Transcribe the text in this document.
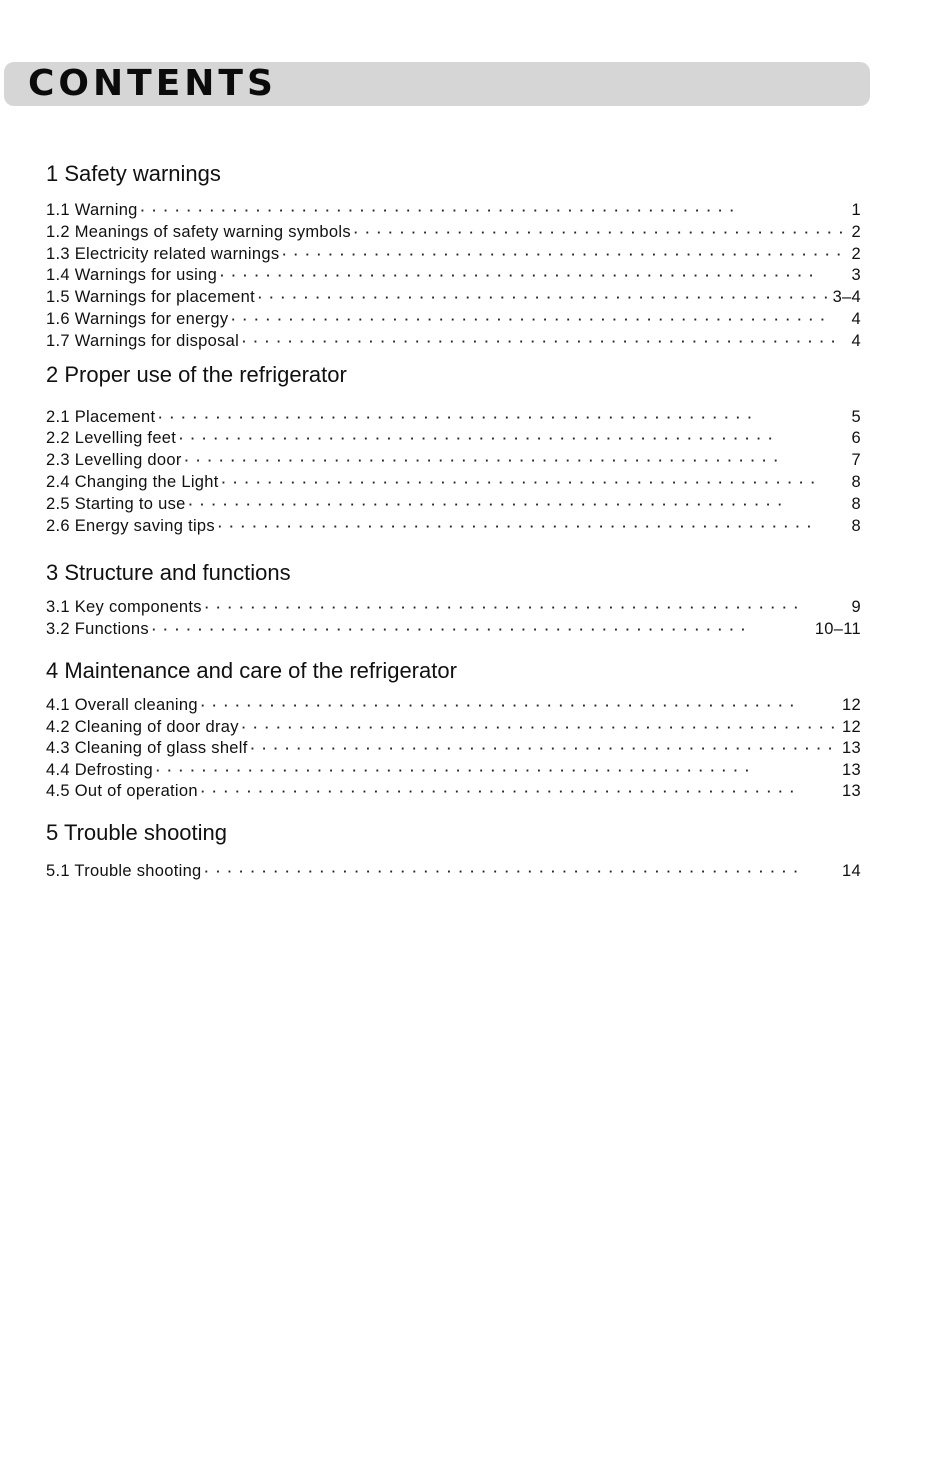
CONTENTS
1 Safety warnings
1.1 Warning ·  ·	1
1.2 Meanings of safety warning symbols ·  ·	2
1.3 Electricity related warnings ·  ·	2
1.4 Warnings for using ·  ·	3
1.5 Warnings for placement ·  ·	3–4
1.6 Warnings for energy ·  ·	4
1.7 Warnings for disposal ·  ·	4
2 Proper use of the refrigerator
2.1 Placement ·  ·	5
2.2 Levelling feet ·  ·	6
2.3 Levelling door ·  ·	7
2.4 Changing the Light ·  ·	8
2.5 Starting to use ·  ·	8
2.6 Energy saving tips ·  ·	8
3 Structure and functions
3.1 Key components ·  ·	9
3.2 Functions ·  ·	10–11
4 Maintenance and care of the refrigerator
4.1 Overall cleaning ·  ·	12
4.2 Cleaning of door dray ·  ·	12
4.3 Cleaning of glass shelf ·  ·	13
4.4 Defrosting ·  ·	13
4.5 Out of operation ·  ·	13
5 Trouble shooting
5.1 Trouble shooting ·  ·	14
